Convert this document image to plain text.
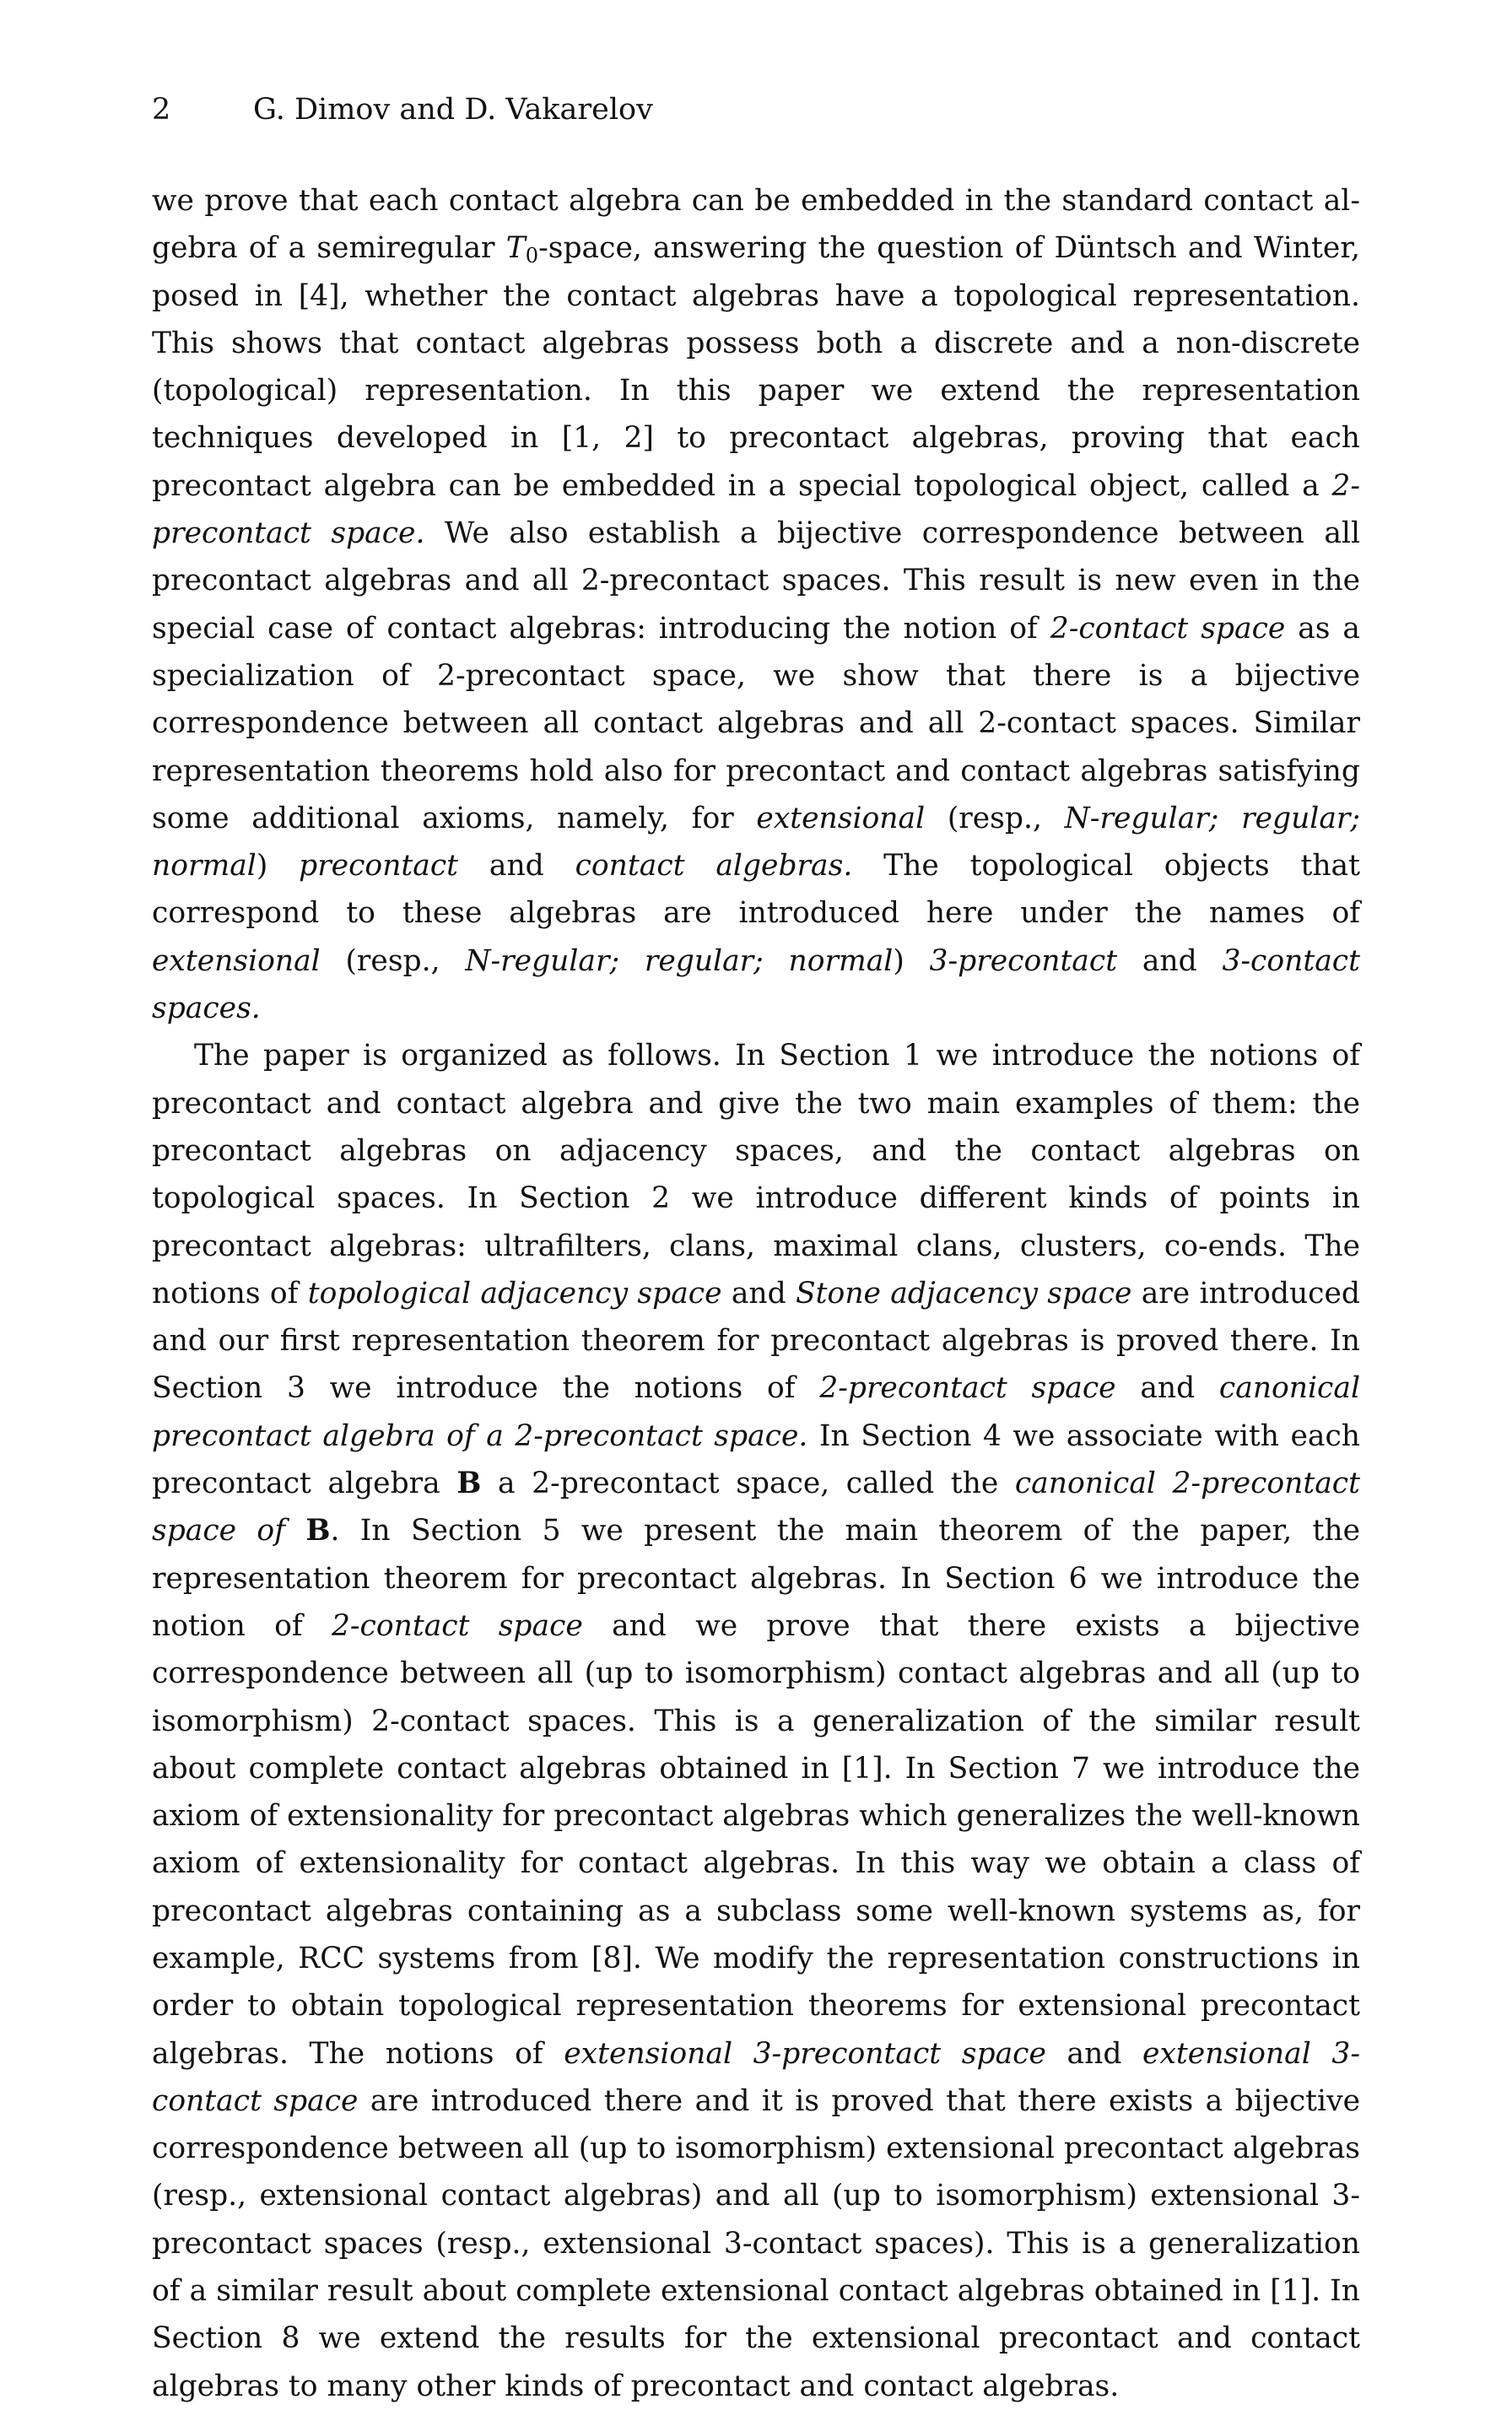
2	G. Dimov and D. Vakarelov

we prove that each contact algebra can be embedded in the standard contact algebra of a semiregular $T_0$-space, answering the question of Düntsch and Winter, posed in [4], whether the contact algebras have a topological representation. This shows that contact algebras possess both a discrete and a non-discrete (topological) representation. In this paper we extend the representation techniques developed in [1, 2] to precontact algebras, proving that each precontact algebra can be embedded in a special topological object, called a 2-precontact space. We also establish a bijective correspondence between all precontact algebras and all 2-precontact spaces. This result is new even in the special case of contact algebras: introducing the notion of 2-contact space as a specialization of 2-precontact space, we show that there is a bijective correspondence between all contact algebras and all 2-contact spaces. Similar representation theorems hold also for precontact and contact algebras satisfying some additional axioms, namely, for extensional (resp., N-regular; regular; normal) precontact and contact algebras. The topological objects that correspond to these algebras are introduced here under the names of extensional (resp., N-regular; regular; normal) 3-precontact and 3-contact spaces.

The paper is organized as follows. In Section 1 we introduce the notions of precontact and contact algebra and give the two main examples of them: the precontact algebras on adjacency spaces, and the contact algebras on topological spaces. In Section 2 we introduce different kinds of points in precontact algebras: ultrafilters, clans, maximal clans, clusters, co-ends. The notions of topological adjacency space and Stone adjacency space are introduced and our first representation theorem for precontact algebras is proved there. In Section 3 we introduce the notions of 2-precontact space and canonical precontact algebra of a 2-precontact space. In Section 4 we associate with each precontact algebra B a 2-precontact space, called the canonical 2-precontact space of B. In Section 5 we present the main theorem of the paper, the representation theorem for precontact algebras. In Section 6 we introduce the notion of 2-contact space and we prove that there exists a bijective correspondence between all (up to isomorphism) contact algebras and all (up to isomorphism) 2-contact spaces. This is a generalization of the similar result about complete contact algebras obtained in [1]. In Section 7 we introduce the axiom of extensionality for precontact algebras which generalizes the well-known axiom of extensionality for contact algebras. In this way we obtain a class of precontact algebras containing as a subclass some well-known systems as, for example, RCC systems from [8]. We modify the representation constructions in order to obtain topological representation theorems for extensional precontact algebras. The notions of extensional 3-precontact space and extensional 3-contact space are introduced there and it is proved that there exists a bijective correspondence between all (up to isomorphism) extensional precontact algebras (resp., extensional contact algebras) and all (up to isomorphism) extensional 3-precontact spaces (resp., extensional 3-contact spaces). This is a generalization of a similar result about complete extensional contact algebras obtained in [1]. In Section 8 we extend the results for the extensional precontact and contact algebras to many other kinds of precontact and contact algebras.
